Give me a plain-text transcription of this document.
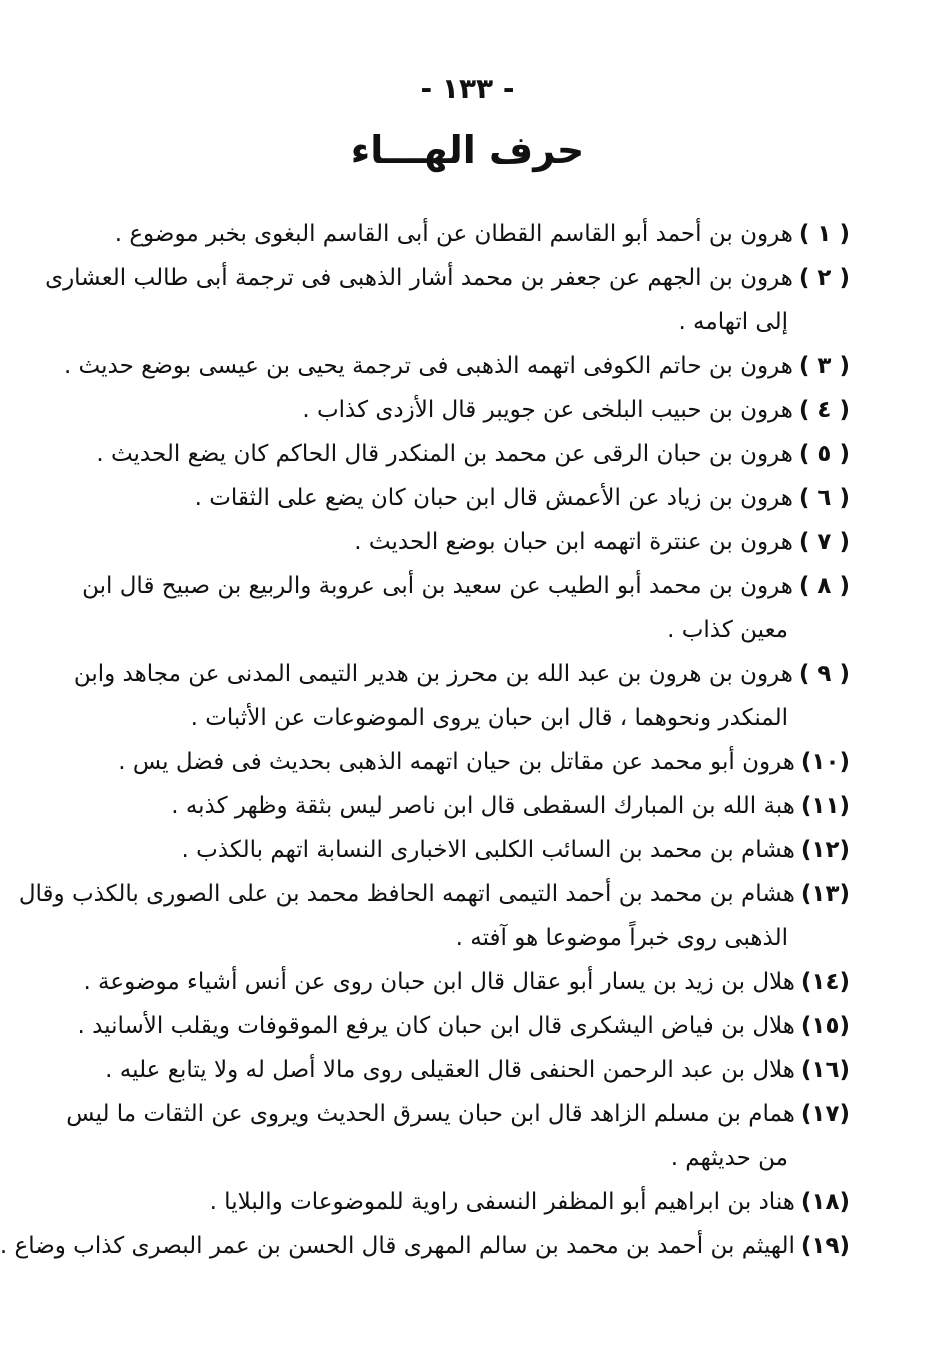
- ١٣٣ -
حرف الهـــاء
( ١ )هرون بن أحمد أبو القاسم القطان عن أبى القاسم البغوى بخبر موضوع .
( ٢ )هرون بن الجهم عن جعفر بن محمد أشار الذهبى فى ترجمة أبى طالب العشارى
إلى اتهامه .
( ٣ )هرون بن حاتم الكوفى اتهمه الذهبى فى ترجمة يحيى بن عيسى بوضع حديث .
( ٤ )هرون بن حبيب البلخى عن جويبر قال الأزدى كذاب .
( ٥ )هرون بن حبان الرقى عن محمد بن المنكدر قال الحاكم كان يضع الحديث .
( ٦ )هرون بن زياد عن الأعمش قال ابن حبان كان يضع على الثقات .
( ٧ )هرون بن عنترة اتهمه ابن حبان بوضع الحديث .
( ٨ )هرون بن محمد أبو الطيب عن سعيد بن أبى عروبة والربيع بن صبيح قال ابن
معين كذاب .
( ٩ )هرون بن هرون بن عبد الله بن محرز بن هدير التيمى المدنى عن مجاهد وابن
المنكدر ونحوهما ، قال ابن حبان يروى الموضوعات عن الأثبات .
(١٠)هرون أبو محمد عن مقاتل بن حيان اتهمه الذهبى بحديث فى فضل يس .
(١١)هبة الله بن المبارك السقطى قال ابن ناصر ليس بثقة وظهر كذبه .
(١٢)هشام بن محمد بن السائب الكلبى الاخبارى النسابة اتهم بالكذب .
(١٣)هشام بن محمد بن أحمد التيمى اتهمه الحافظ محمد بن على الصورى بالكذب وقال
الذهبى روى خبراً موضوعا هو آفته .
(١٤)هلال بن زيد بن يسار أبو عقال قال ابن حبان روى عن أنس أشياء موضوعة .
(١٥)هلال بن فياض اليشكرى قال ابن حبان كان يرفع الموقوفات ويقلب الأسانيد .
(١٦)هلال بن عبد الرحمن الحنفى قال العقيلى روى مالا أصل له ولا يتابع عليه .
(١٧)همام بن مسلم الزاهد قال ابن حبان يسرق الحديث ويروى عن الثقات ما ليس
من حديثهم .
(١٨)هناد بن ابراهيم أبو المظفر النسفى راوية للموضوعات والبلايا .
(١٩)الهيثم بن أحمد بن محمد بن سالم المهرى قال الحسن بن عمر البصرى كذاب وضاع .
